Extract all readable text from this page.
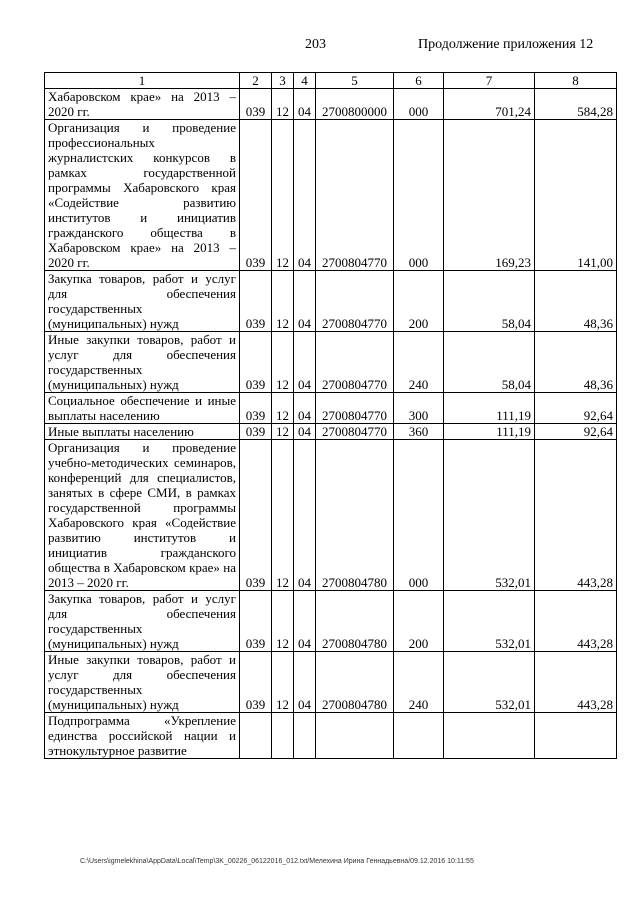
203	Продолжение приложения 12
1	2	3	4	5	6	7	8
Хабаровском крае» на 2013 – 2020 гг.	039	12	04	2700800000	000	701,24	584,28
Организация и проведение профессиональных журналистских конкурсов в рамках государственной программы Хабаровского края «Содействие развитию институтов и инициатив гражданского общества в Хабаровском крае» на 2013 – 2020 гг.	039	12	04	2700804770	000	169,23	141,00
Закупка товаров, работ и услуг для обеспечения государственных (муниципальных) нужд	039	12	04	2700804770	200	58,04	48,36
Иные закупки товаров, работ и услуг для обеспечения государственных (муниципальных) нужд	039	12	04	2700804770	240	58,04	48,36
Социальное обеспечение и иные выплаты населению	039	12	04	2700804770	300	111,19	92,64
Иные выплаты населению	039	12	04	2700804770	360	111,19	92,64
Организация и проведение учебно-методических семинаров, конференций для специалистов, занятых в сфере СМИ, в рамках государственной программы Хабаровского края «Содействие развитию институтов и инициатив гражданского общества в Хабаровском крае» на 2013 – 2020 гг.	039	12	04	2700804780	000	532,01	443,28
Закупка товаров, работ и услуг для обеспечения государственных (муниципальных) нужд	039	12	04	2700804780	200	532,01	443,28
Иные закупки товаров, работ и услуг для обеспечения государственных (муниципальных) нужд	039	12	04	2700804780	240	532,01	443,28
Подпрограмма «Укрепление единства российской нации и этнокультурное развитие							
C:\Users\igmelekhina\AppData\Local\Temp\3K_00226_06122016_012.txt/Мелехина Ирина Геннадьевна/09.12.2016 10:11:55
